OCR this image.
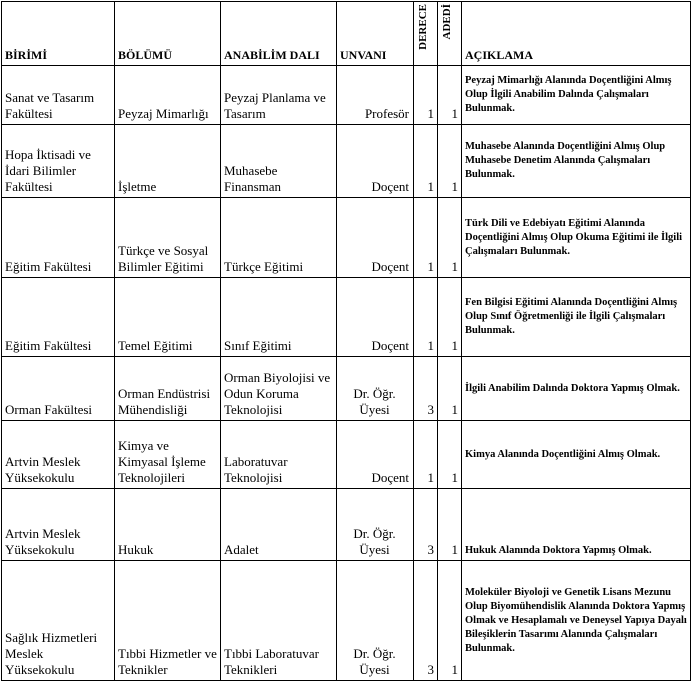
BİRİMİ	BÖLÜMÜ	ANABİLİM DALI	UNVANI	DERECE	ADEDİ	AÇIKLAMA
Sanat ve Tasarım Fakültesi	Peyzaj Mimarlığı	Peyzaj Planlama ve Tasarım	Profesör	1	1	Peyzaj Mimarlığı Alanında Doçentliğini Almış Olup İlgili Anabilim Dalında Çalışmaları Bulunmak.
Hopa İktisadi ve İdari Bilimler Fakültesi	İşletme	Muhasebe Finansman	Doçent	1	1	Muhasebe Alanında Doçentliğini Almış Olup Muhasebe Denetim Alanında Çalışmaları Bulunmak.
Eğitim Fakültesi	Türkçe ve Sosyal Bilimler Eğitimi	Türkçe Eğitimi	Doçent	1	1	Türk Dili ve Edebiyatı Eğitimi Alanında Doçentliğini Almış Olup Okuma Eğitimi ile İlgili Çalışmaları Bulunmak.
Eğitim Fakültesi	Temel Eğitimi	Sınıf Eğitimi	Doçent	1	1	Fen Bilgisi Eğitimi Alanında Doçentliğini Almış Olup Sınıf Öğretmenliği ile İlgili Çalışmaları Bulunmak.
Orman Fakültesi	Orman Endüstrisi Mühendisliği	Orman Biyolojisi ve Odun Koruma Teknolojisi	Dr. Öğr. Üyesi	3	1	İlgili Anabilim Dalında Doktora Yapmış Olmak.
Artvin Meslek Yüksekokulu	Kimya ve Kimyasal İşleme Teknolojileri	Laboratuvar Teknolojisi	Doçent	1	1	Kimya Alanında Doçentliğini Almış Olmak.
Artvin Meslek Yüksekokulu	Hukuk	Adalet	Dr. Öğr. Üyesi	3	1	Hukuk Alanında Doktora Yapmış Olmak.
Sağlık Hizmetleri Meslek Yüksekokulu	Tıbbi Hizmetler ve Teknikler	Tıbbi Laboratuvar Teknikleri	Dr. Öğr. Üyesi	3	1	Moleküler Biyoloji ve Genetik Lisans Mezunu Olup Biyomühendislik Alanında Doktora Yapmış Olmak ve Hesaplamalı ve Deneysel Yapıya Dayalı Bileşiklerin Tasarımı Alanında Çalışmaları Bulunmak.
